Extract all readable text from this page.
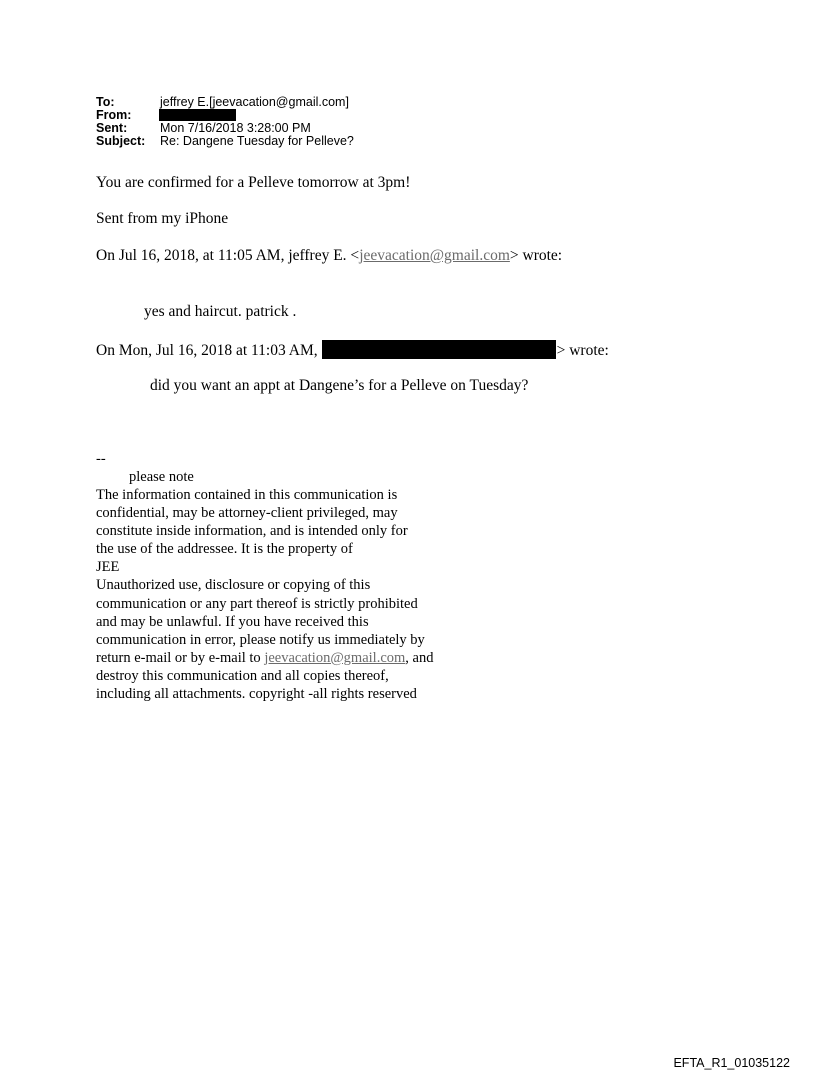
To:	jeffrey E.[jeevacation@gmail.com]
From:
Sent:	Mon 7/16/2018 3:28:00 PM
Subject: Re: Dangene Tuesday for Pelleve?
You are confirmed for a Pelleve tomorrow at 3pm!
Sent from my iPhone
On Jul 16, 2018, at 11:05 AM, jeffrey E. <jeevacation@gmail.com> wrote:
yes and haircut. patrick .
On Mon, Jul 16, 2018 at 11:03 AM,	> wrote:
did you want an appt at Dangene’s for a Pelleve on Tuesday?
--
please note
The information contained in this communication is
confidential, may be attorney-client privileged, may
constitute inside information, and is intended only for
the use of the addressee. It is the property of
JEE
Unauthorized use, disclosure or copying of this
communication or any part thereof is strictly prohibited
and may be unlawful. If you have received this
communication in error, please notify us immediately by
return e-mail or by e-mail to jeevacation@gmail.com, and
destroy this communication and all copies thereof,
including all attachments. copyright -all rights reserved
EFTA_R1_01035122
